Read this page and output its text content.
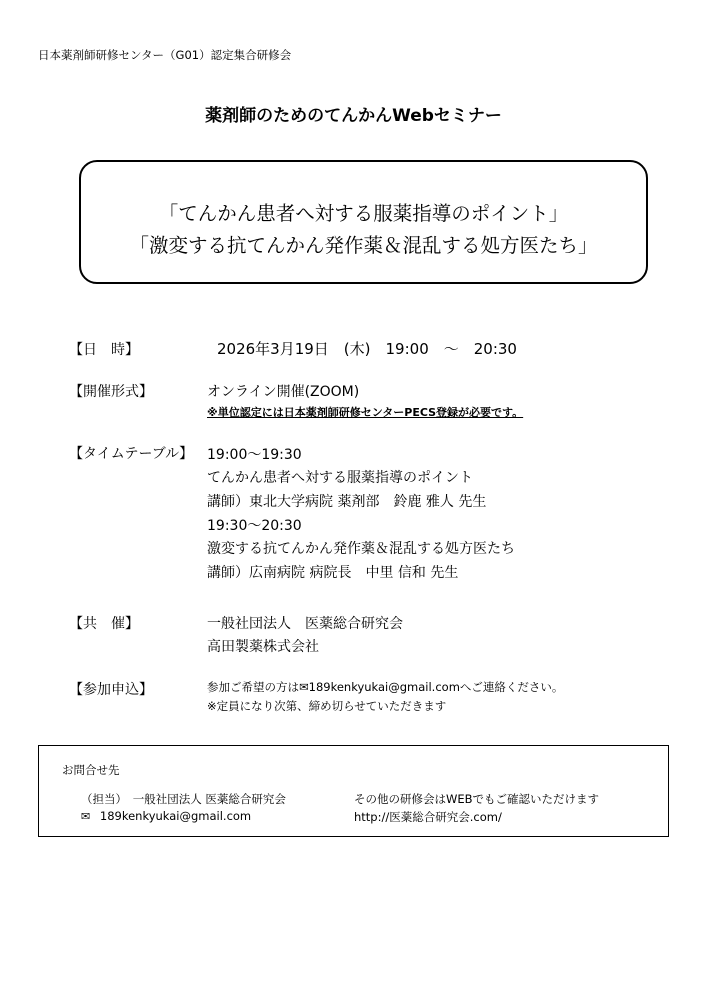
日本薬剤師研修センター（G01）認定集合研修会
薬剤師のためのてんかんWebセミナー
「てんかん患者へ対する服薬指導のポイント」
「激変する抗てんかん発作薬＆混乱する処方医たち」
【日　時】	2026年3月19日　(木)　19:00　～　20:30
【開催形式】	オンライン開催(ZOOM)
※単位認定には日本薬剤師研修センターPECS登録が必要です。
【タイムテーブル】 19:00～19:30
てんかん患者へ対する服薬指導のポイント
講師）東北大学病院 薬剤部　鈴鹿 雅人 先生
19:30～20:30
激変する抗てんかん発作薬＆混乱する処方医たち
講師）広南病院 病院長　中里 信和 先生
【共　催】	一般社団法人　医薬総合研究会
高田製薬株式会社
【参加申込】	参加ご希望の方は✉189kenkyukai@gmail.comへご連絡ください。
※定員になり次第、締め切らせていただきます
お問合せ先
（担当）　一般社団法人 医薬総合研究会
✉ 189kenkyukai@gmail.com
その他の研修会はWEBでもご確認いただけます
http://医薬総合研究会.com/
